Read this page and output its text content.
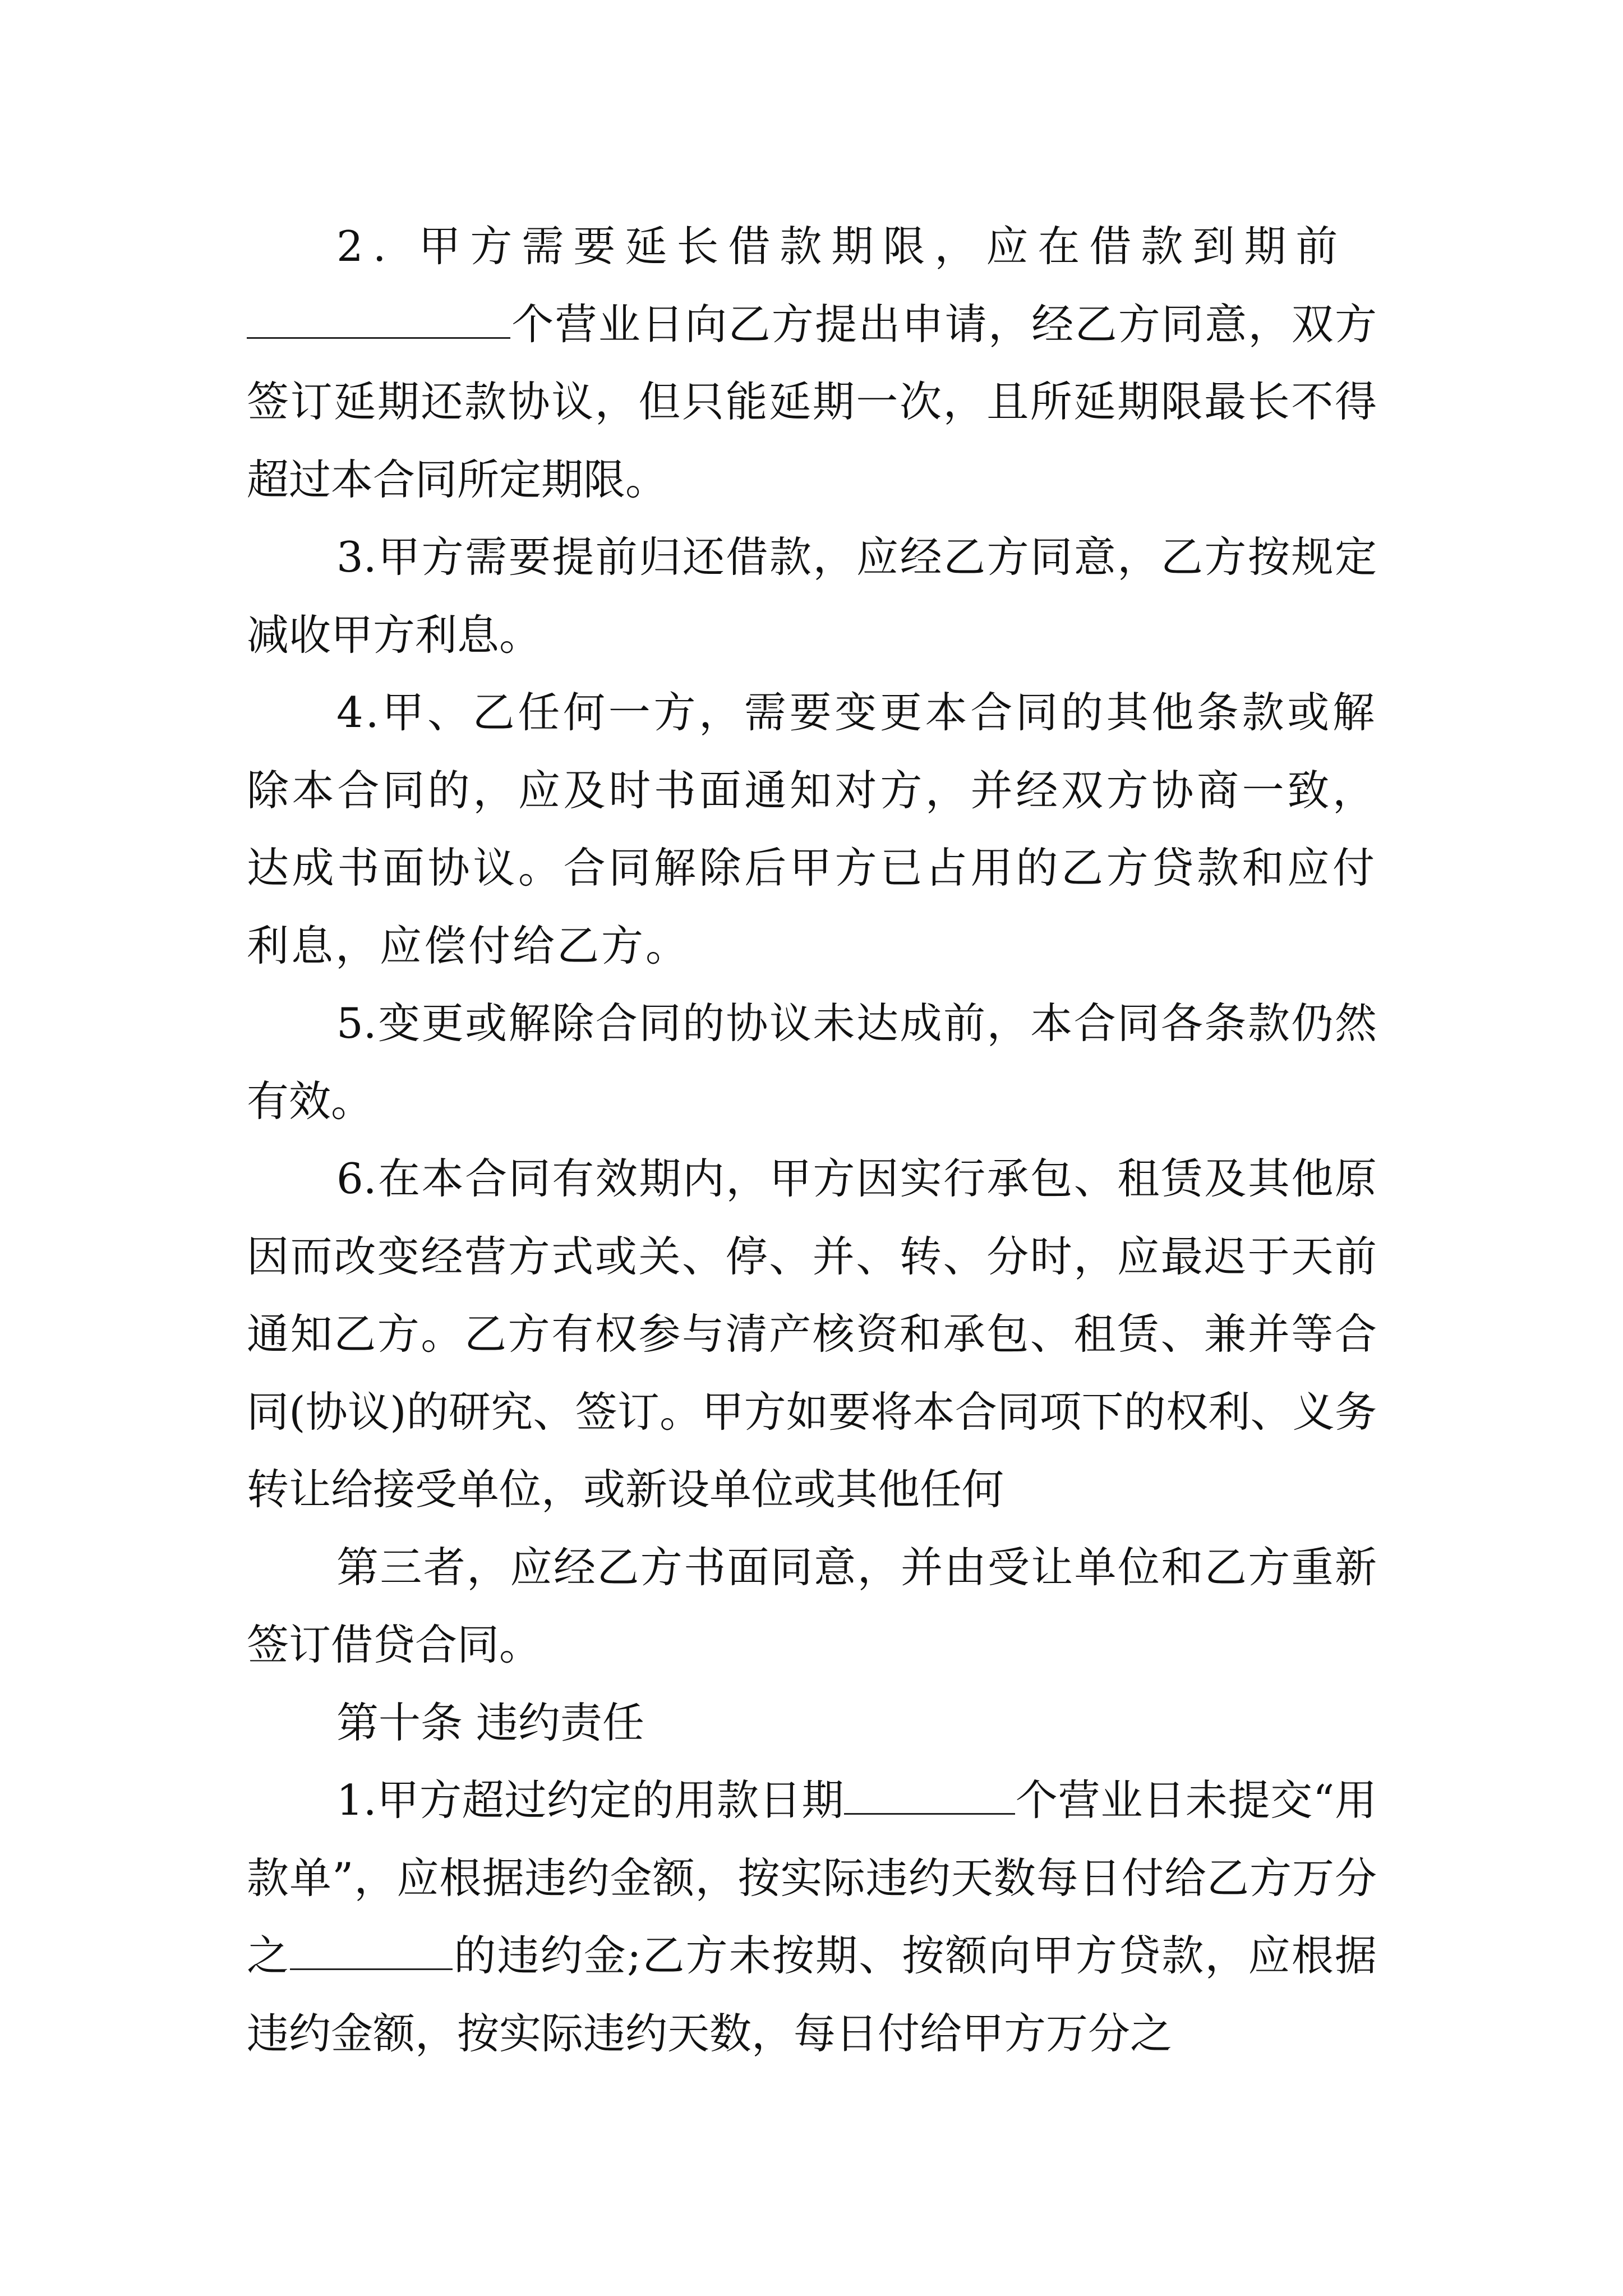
2. 甲方需要延长借款期限，应在借款到期前

个营业日向乙方提出申请，经乙方同意，双方签订延期还款协议，但只能延期一次，且所延期限最长不得超过本合同所定期限。

3.甲方需要提前归还借款，应经乙方同意，乙方按规定减收甲方利息。

4.甲、乙任何一方，需要变更本合同的其他条款或解除本合同的，应及时书面通知对方，并经双方协商一致，达成书面协议。合同解除后甲方已占用的乙方贷款和应付利息，应偿付给乙方。

5.变更或解除合同的协议未达成前，本合同各条款仍然有效。

6.在本合同有效期内，甲方因实行承包、租赁及其他原因而改变经营方式或关、停、并、转、分时，应最迟于天前通知乙方。乙方有权参与清产核资和承包、租赁、兼并等合同(协议)的研究、签订。甲方如要将本合同项下的权利、义务转让给接受单位，或新设单位或其他任何

第三者，应经乙方书面同意，并由受让单位和乙方重新签订借贷合同。

第十条 违约责任

1.甲方超过约定的用款日期	个营业日未提交“用款单”，应根据违约金额，按实际违约天数每日付给乙方万分之	的违约金;乙方未按期、按额向甲方贷款，应根据违约金额，按实际违约天数，每日付给甲方万分之
